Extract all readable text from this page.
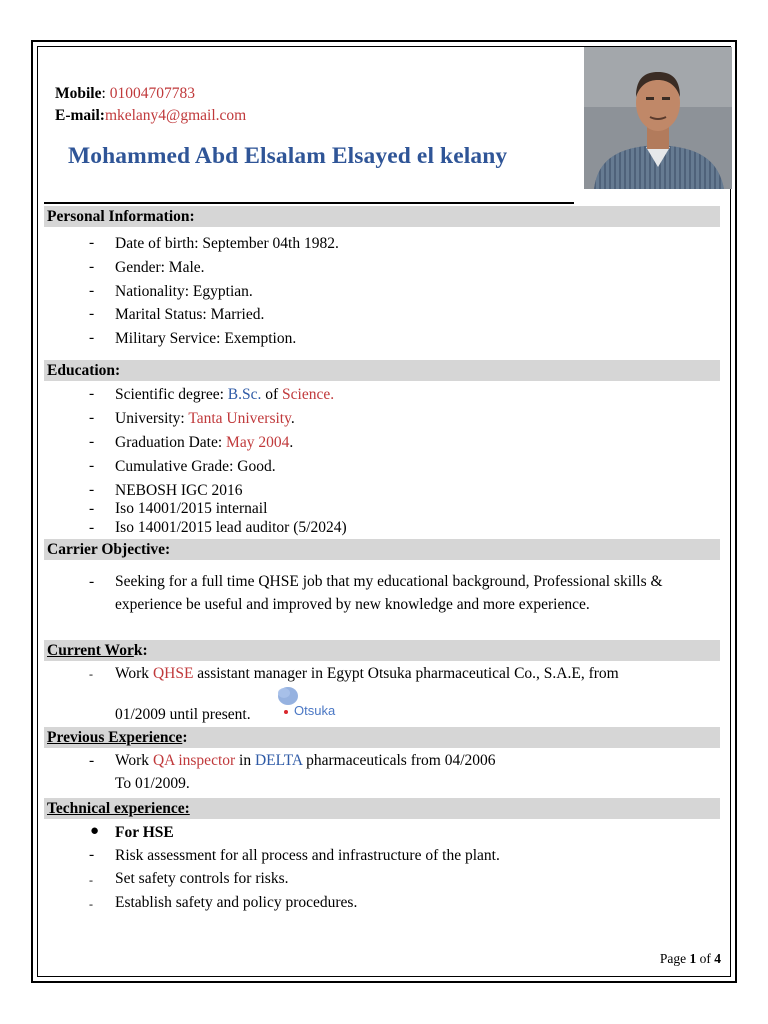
Mobile: 01004707783
E-mail:mkelany4@gmail.com
Mohammed Abd Elsalam Elsayed el kelany
Personal Information:
- Date of birth: September 04th 1982.
- Gender: Male.
- Nationality: Egyptian.
- Marital Status: Married.
- Military Service: Exemption.
Education:
- Scientific degree: B.Sc. of Science.
- University: Tanta University.
- Graduation Date: May 2004.
- Cumulative Grade: Good.
- NEBOSH IGC 2016
- Iso 14001/2015 internail
- Iso 14001/2015 lead auditor (5/2024)
Carrier Objective:
- Seeking for a full time QHSE job that my educational background, Professional skills & experience be useful and improved by new knowledge and more experience.
Current Work:
- Work QHSE assistant manager in Egypt Otsuka pharmaceutical Co., S.A.E, from
01/2009 until present.	Otsuka
Previous Experience:
- Work QA inspector in DELTA pharmaceuticals from 04/2006
To 01/2009.
Technical experience:
● For HSE
- Risk assessment for all process and infrastructure of the plant.
- Set safety controls for risks.
- Establish safety and policy procedures.
Page 1 of 4
